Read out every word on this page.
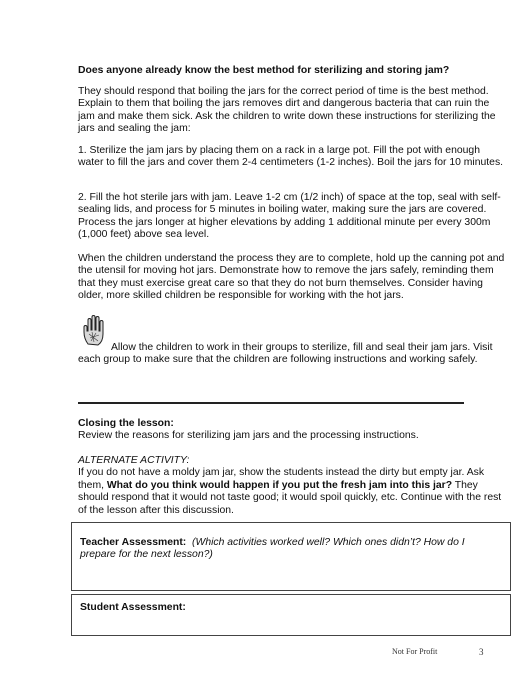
Does anyone already know the best method for sterilizing and storing jam?

They should respond that boiling the jars for the correct period of time is the best method. Explain to them that boiling the jars removes dirt and dangerous bacteria that can ruin the jam and make them sick. Ask the children to write down these instructions for sterilizing the jars and sealing the jam:

1. Sterilize the jam jars by placing them on a rack in a large pot. Fill the pot with enough water to fill the jars and cover them 2-4 centimeters (1-2 inches). Boil the jars for 10 minutes.

2. Fill the hot sterile jars with jam. Leave 1-2 cm (1/2 inch) of space at the top, seal with self-sealing lids, and process for 5 minutes in boiling water, making sure the jars are covered. Process the jars longer at higher elevations by adding 1 additional minute per every 300m (1,000 feet) above sea level.

When the children understand the process they are to complete, hold up the canning pot and the utensil for moving hot jars. Demonstrate how to remove the jars safely, reminding them that they must exercise great care so that they do not burn themselves. Consider having older, more skilled children be responsible for working with the hot jars.

Allow the children to work in their groups to sterilize, fill and seal their jam jars. Visit each group to make sure that the children are following instructions and working safely.

Closing the lesson:
Review the reasons for sterilizing jam jars and the processing instructions.

ALTERNATE ACTIVITY:
If you do not have a moldy jam jar, show the students instead the dirty but empty jar. Ask them, What do you think would happen if you put the fresh jam into this jar? They should respond that it would not taste good; it would spoil quickly, etc. Continue with the rest of the lesson after this discussion.

Teacher Assessment: (Which activities worked well? Which ones didn’t? How do I prepare for the next lesson?)

Student Assessment:

Not For Profit	3
